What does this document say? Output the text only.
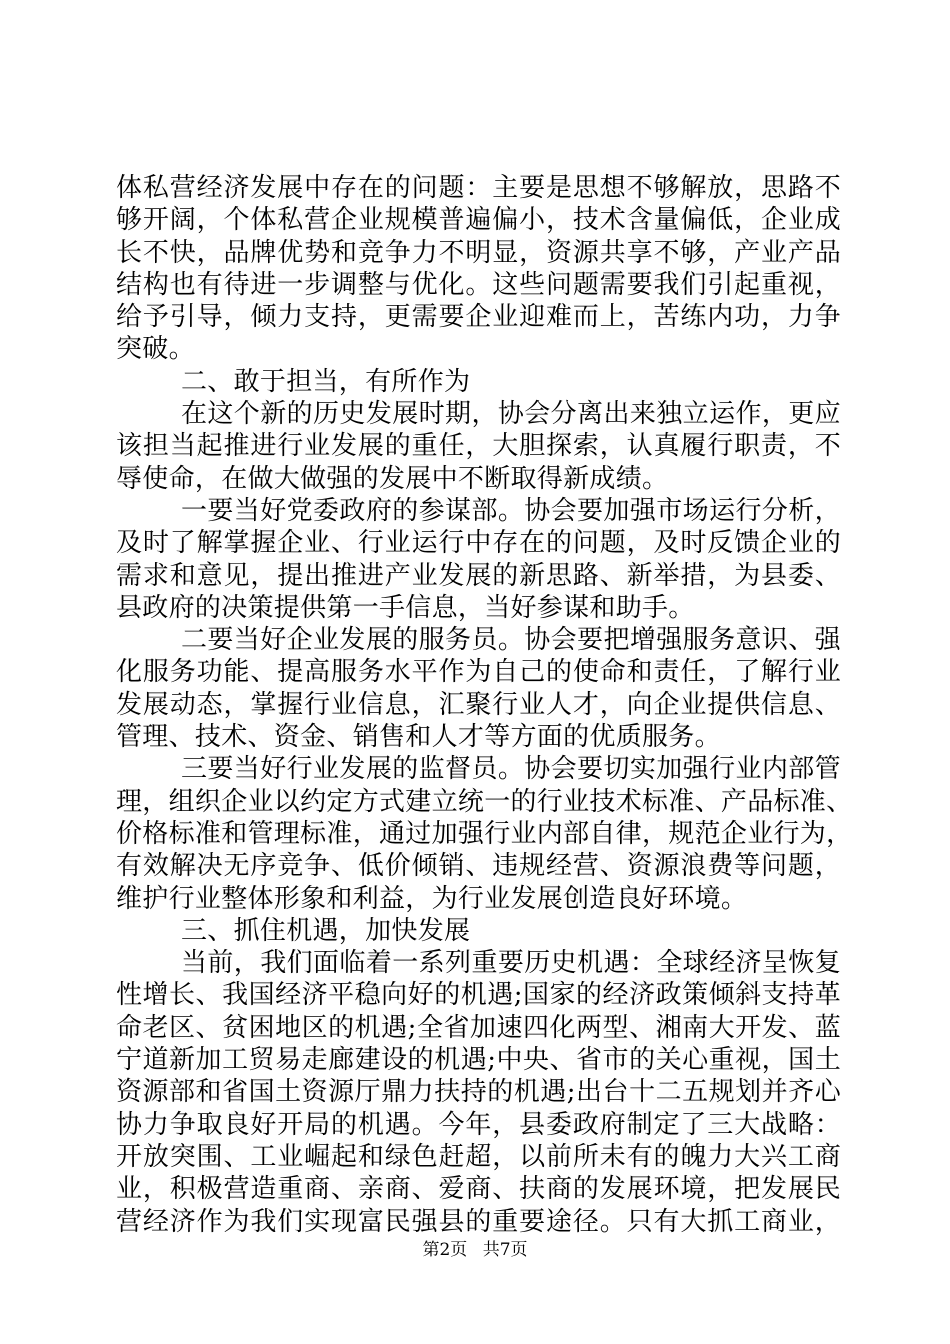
体私营经济发展中存在的问题：主要是思想不够解放，思路不
够开阔，个体私营企业规模普遍偏小，技术含量偏低，企业成
长不快，品牌优势和竞争力不明显，资源共享不够，产业产品
结构也有待进一步调整与优化。这些问题需要我们引起重视，
给予引导，倾力支持，更需要企业迎难而上，苦练内功，力争
突破。
二、敢于担当，有所作为
在这个新的历史发展时期，协会分离出来独立运作，更应
该担当起推进行业发展的重任，大胆探索，认真履行职责，不
辱使命，在做大做强的发展中不断取得新成绩。
一要当好党委政府的参谋部。协会要加强市场运行分析，
及时了解掌握企业、行业运行中存在的问题，及时反馈企业的
需求和意见，提出推进产业发展的新思路、新举措，为县委、
县政府的决策提供第一手信息，当好参谋和助手。
二要当好企业发展的服务员。协会要把增强服务意识、强
化服务功能、提高服务水平作为自己的使命和责任，了解行业
发展动态，掌握行业信息，汇聚行业人才，向企业提供信息、
管理、技术、资金、销售和人才等方面的优质服务。
三要当好行业发展的监督员。协会要切实加强行业内部管
理，组织企业以约定方式建立统一的行业技术标准、产品标准、
价格标准和管理标准，通过加强行业内部自律，规范企业行为，
有效解决无序竞争、低价倾销、违规经营、资源浪费等问题，
维护行业整体形象和利益，为行业发展创造良好环境。
三、抓住机遇，加快发展
当前，我们面临着一系列重要历史机遇：全球经济呈恢复
性增长、我国经济平稳向好的机遇;国家的经济政策倾斜支持革
命老区、贫困地区的机遇;全省加速四化两型、湘南大开发、蓝
宁道新加工贸易走廊建设的机遇;中央、省市的关心重视，国土
资源部和省国土资源厅鼎力扶持的机遇;出台十二五规划并齐心
协力争取良好开局的机遇。今年，县委政府制定了三大战略：
开放突围、工业崛起和绿色赶超，以前所未有的魄力大兴工商
业，积极营造重商、亲商、爱商、扶商的发展环境，把发展民
营经济作为我们实现富民强县的重要途径。只有大抓工商业，
第2页 共7页
